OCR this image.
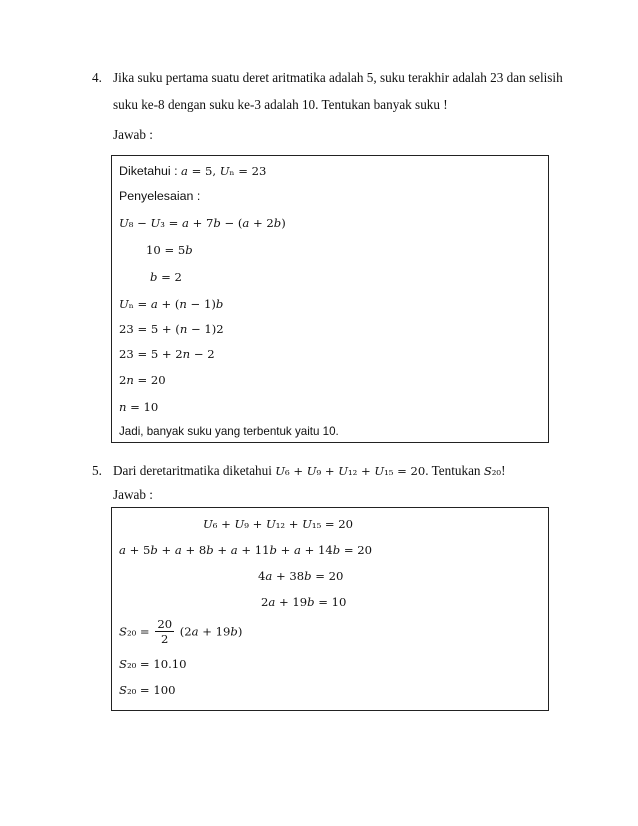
4. Jika suku pertama suatu deret aritmatika adalah 5, suku terakhir adalah 23 dan selisih
suku ke-8 dengan suku ke-3 adalah 10. Tentukan banyak suku !
Jawab :
Diketahui : 𝑎 = 5, 𝑈ₙ = 23
Penyelesaian :
𝑈₈ − 𝑈₃ = 𝑎 + 7𝑏 − (𝑎 + 2𝑏)
10 = 5𝑏
𝑏 = 2
𝑈ₙ = 𝑎 + (𝑛 − 1)𝑏
23 = 5 + (𝑛 − 1)2
23 = 5 + 2𝑛 − 2
2𝑛 = 20
𝑛 = 10
Jadi, banyak suku yang terbentuk yaitu 10.
5. Dari deretaritmatika diketahui 𝑈₆ + 𝑈₉ + 𝑈₁₂ + 𝑈₁₅ = 20. Tentukan 𝑆₂₀!
Jawab :
𝑈₆ + 𝑈₉ + 𝑈₁₂ + 𝑈₁₅ = 20
𝑎 + 5𝑏 + 𝑎 + 8𝑏 + 𝑎 + 11𝑏 + 𝑎 + 14𝑏 = 20
4𝑎 + 38𝑏 = 20
2𝑎 + 19𝑏 = 10
𝑆₂₀ = $\frac{20}{2}$ (2𝑎 + 19𝑏)
𝑆₂₀ = 10.10
𝑆₂₀ = 100
